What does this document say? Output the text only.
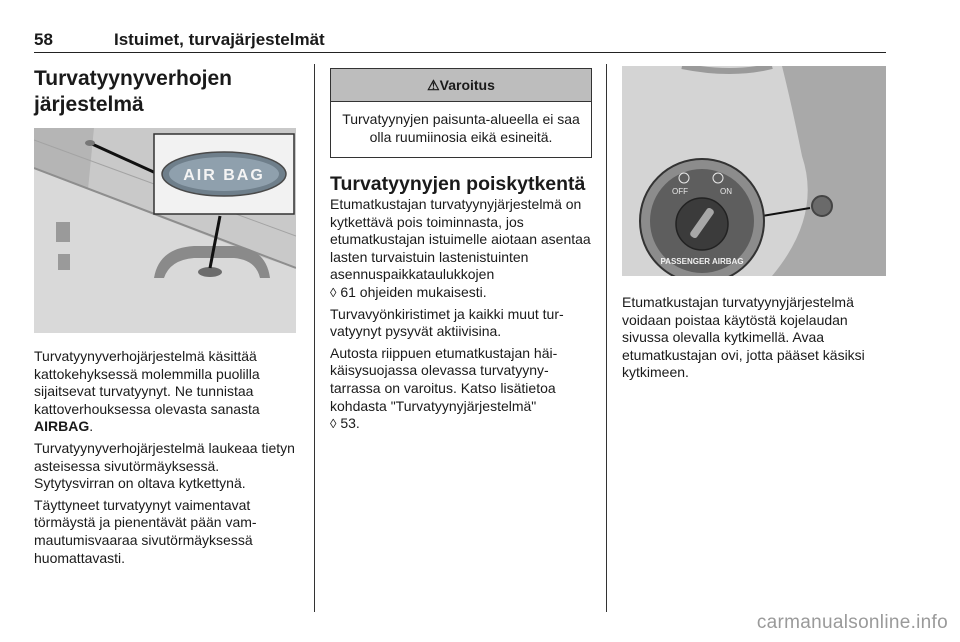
58	Istuimet, turvajärjestelmät
Turvatyynyverhojen järjestelmä
AIR BAG

Turvatyynyverhojärjestelmä käsittää kattokehyksessä molemmilla puolilla sijaitsevat turvatyynyt. Ne tunnistaa kattoverhouksessa olevasta sanasta AIRBAG.

Turvatyynyverhojärjestelmä laukeaa tietyn asteisessa sivutörmäyksessä. Sytytysvirran on oltava kytkettynä.

Täyttyneet turvatyynyt vaimentavat törmäystä ja pienentävät pään vammautumisvaaraa sivutörmäyksessä huomattavasti.

⚠Varoitus
Turvatyynyjen paisunta-alueella ei saa olla ruumiinosia eikä esineitä.
Turvatyynyjen poiskytkentä

Etumatkustajan turvatyynyjärjestelmä on kytkettävä pois toiminnasta, jos etumatkustajan istuimelle aiotaan asentaa lasten turvaistuin lastenistuinten asennuspaikkataulukkojen
◊ 61 ohjeiden mukaisesti.

Turvavyönkiristimet ja kaikki muut turvatyynyt pysyvät aktiivisina.

Autosta riippuen etumatkustajan häikäisysuojassa olevassa turvatyynytarrassa on varoitus. Katso lisätietoa kohdasta "Turvatyynyjärjestelmä"
◊ 53.

OFF	ON
PASSENGER AIRBAG

Etumatkustajan turvatyynyjärjestelmä voidaan poistaa käytöstä kojelaudan sivussa olevalla kytkimellä. Avaa etumatkustajan ovi, jotta pääset käsiksi kytkimeen.

carmanualsonline.info
